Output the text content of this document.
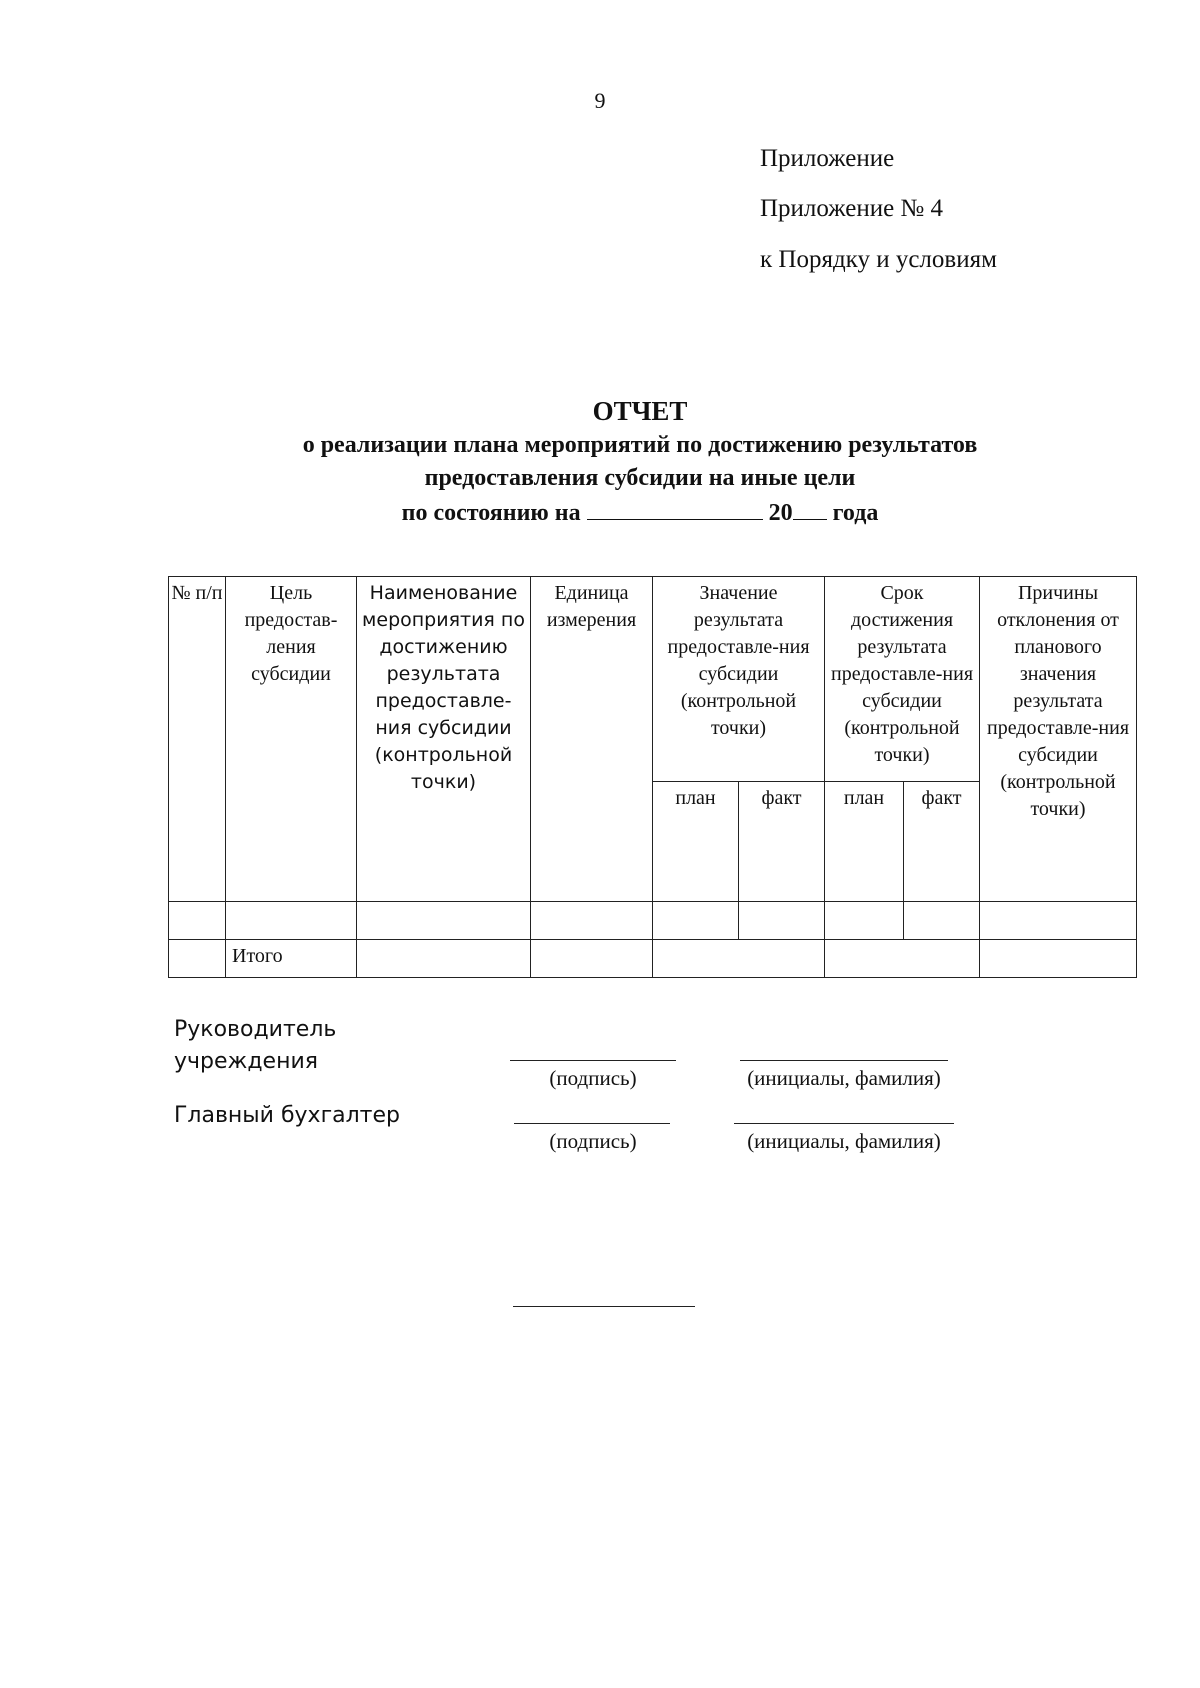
9
Приложение
Приложение № 4
к Порядку и условиям
ОТЧЕТ
о реализации плана мероприятий по достижению результатов
предоставления субсидии на иные цели
по состоянию на	20 года
№ п/п	Цель предостав-ления субсидии	Наименование мероприятия по достижению результата предоставле-ния субсидии (контрольной точки)	Единица измерения	Значение результата предоставле-ния субсидии (контрольной точки)		Срок достижения результата предоставле-ния субсидии (контрольной точки)		Причины отклонения от планового значения результата предоставле-ния субсидии (контрольной точки)
				план	факт	план	факт	

	Итого							
Руководитель
учреждения
(подпись)	(инициалы, фамилия)
Главный бухгалтер
(подпись)	(инициалы, фамилия)
